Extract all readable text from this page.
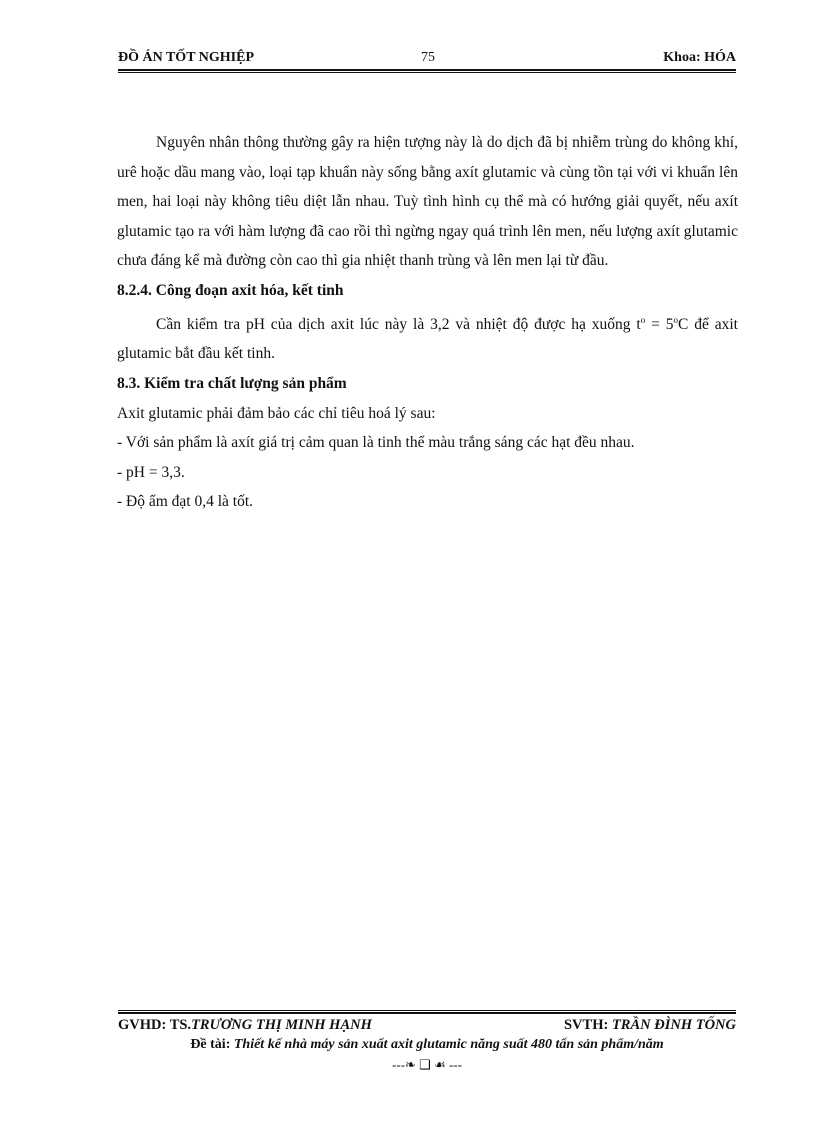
ĐỒ ÁN TỐT NGHIỆP	75	Khoa: HÓA

Nguyên nhân thông thường gây ra hiện tượng này là do dịch đã bị nhiễm trùng do không khí, urê hoặc dầu mang vào, loại tạp khuẩn này sống bằng axít glutamic và cùng tồn tại với vi khuẩn lên men, hai loại này không tiêu diệt lẫn nhau. Tuỳ tình hình cụ thể mà có hướng giải quyết, nếu axít glutamic tạo ra với hàm lượng đã cao rồi thì ngừng ngay quá trình lên men, nếu lượng axít glutamic chưa đáng kể mà đường còn cao thì gia nhiệt thanh trùng và lên men lại từ đầu.

8.2.4. Công đoạn axit hóa, kết tinh

Cần kiểm tra pH của dịch axit lúc này là 3,2 và nhiệt độ được hạ xuống $t^o = 5^oC$ để axit glutamic bắt đầu kết tinh.

8.3. Kiểm tra chất lượng sản phẩm

Axit glutamic phải đảm bảo các chỉ tiêu hoá lý sau:

- Với sản phẩm là axít giá trị cảm quan là tinh thể màu trắng sáng các hạt đều nhau.

- pH = 3,3.

- Độ ẩm đạt 0,4 là tốt.

GVHD: TS.TRƯƠNG THỊ MINH HẠNH	SVTH: TRẦN ĐÌNH TỐNG
Đề tài: Thiết kế nhà máy sản xuất axit glutamic năng suất 480 tấn sản phẩm/năm
---❧ ❑ ☙ ---
